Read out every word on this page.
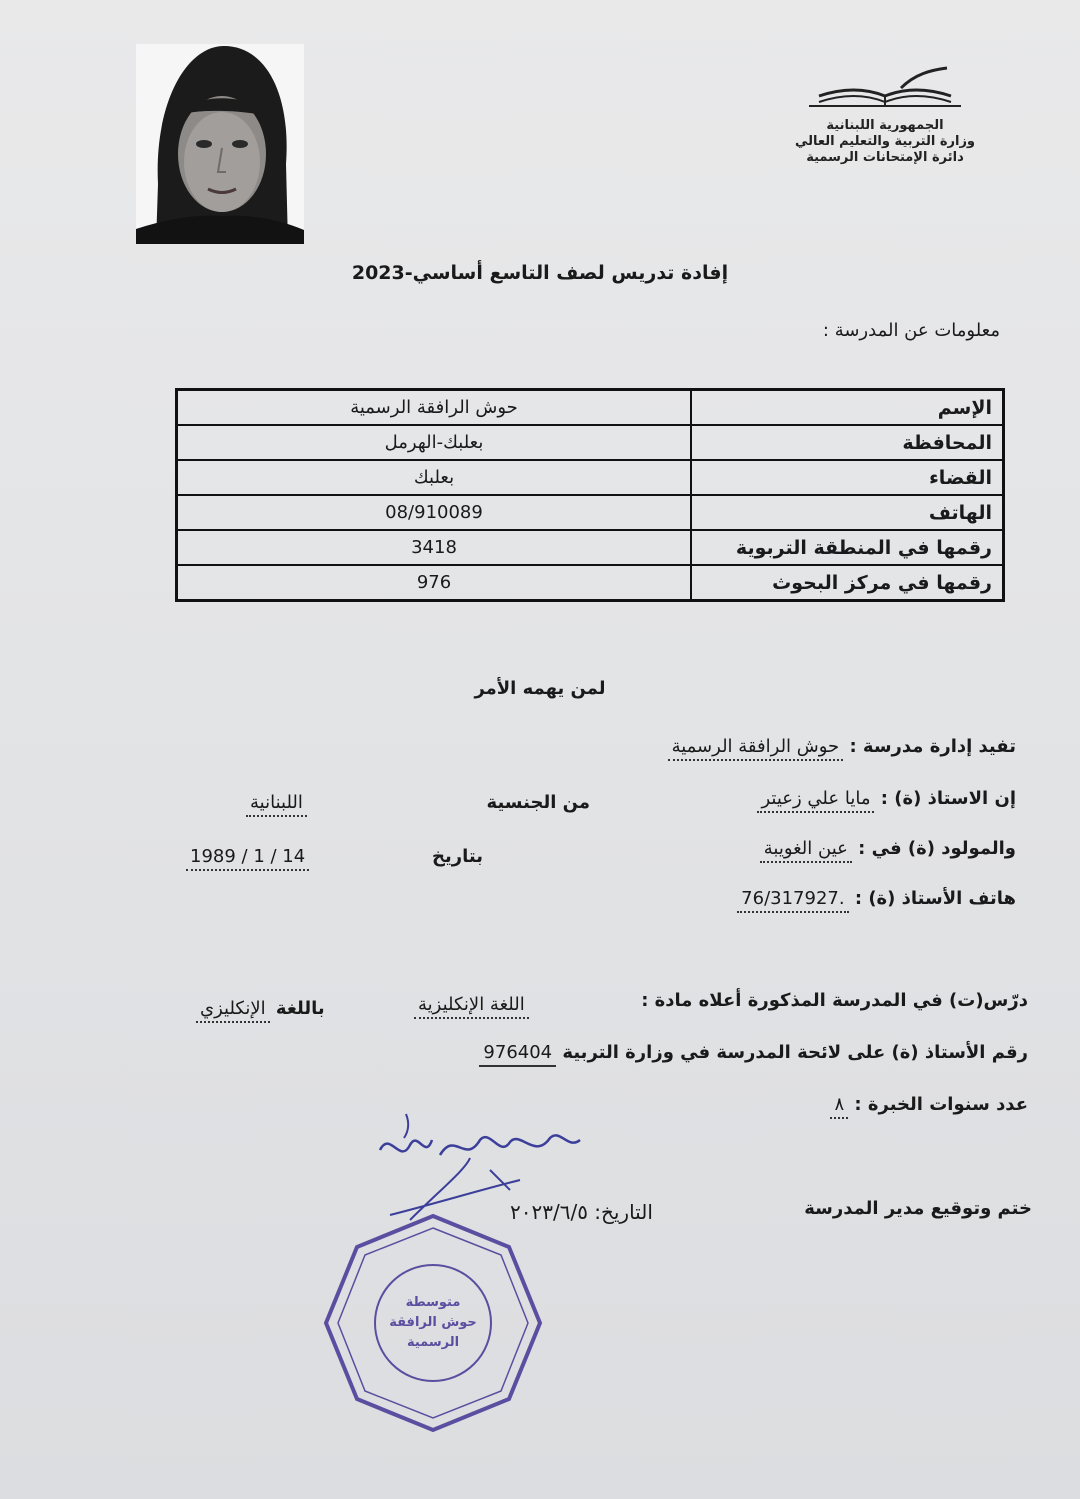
الجمهورية اللبنانية
وزارة التربية والتعليم العالي
دائرة الإمتحانات الرسمية
إفادة تدريس لصف التاسع أساسي-2023
معلومات عن المدرسة :
الإسم	حوش الرافقة الرسمية
المحافظة	بعلبك-الهرمل
القضاء	بعلبك
الهاتف	08/910089
رقمها في المنطقة التربوية	3418
رقمها في مركز البحوث	976
لمن يهمه الأمر
تفيد إدارة مدرسة : حوش الرافقة الرسمية
إن الاستاذ (ة) : مايا علي زعيتر
من الجنسية
اللبنانية
والمولود (ة) في : عين الغويبة
بتاريخ
1989 / 1 / 14
هاتف الأستاذ (ة) : 76/317927.
درّس(ت) في المدرسة المذكورة أعلاه مادة :
اللغة الإنكليزية
باللغة الإنكليزي
رقم الأستاذ (ة) على لائحة المدرسة في وزارة التربية 976404
عدد سنوات الخبرة : ٨
ختم وتوقيع مدير المدرسة
التاريخ: ٢٠٢٣/٦/٥
متوسطة
حوش الرافقة
الرسمية
